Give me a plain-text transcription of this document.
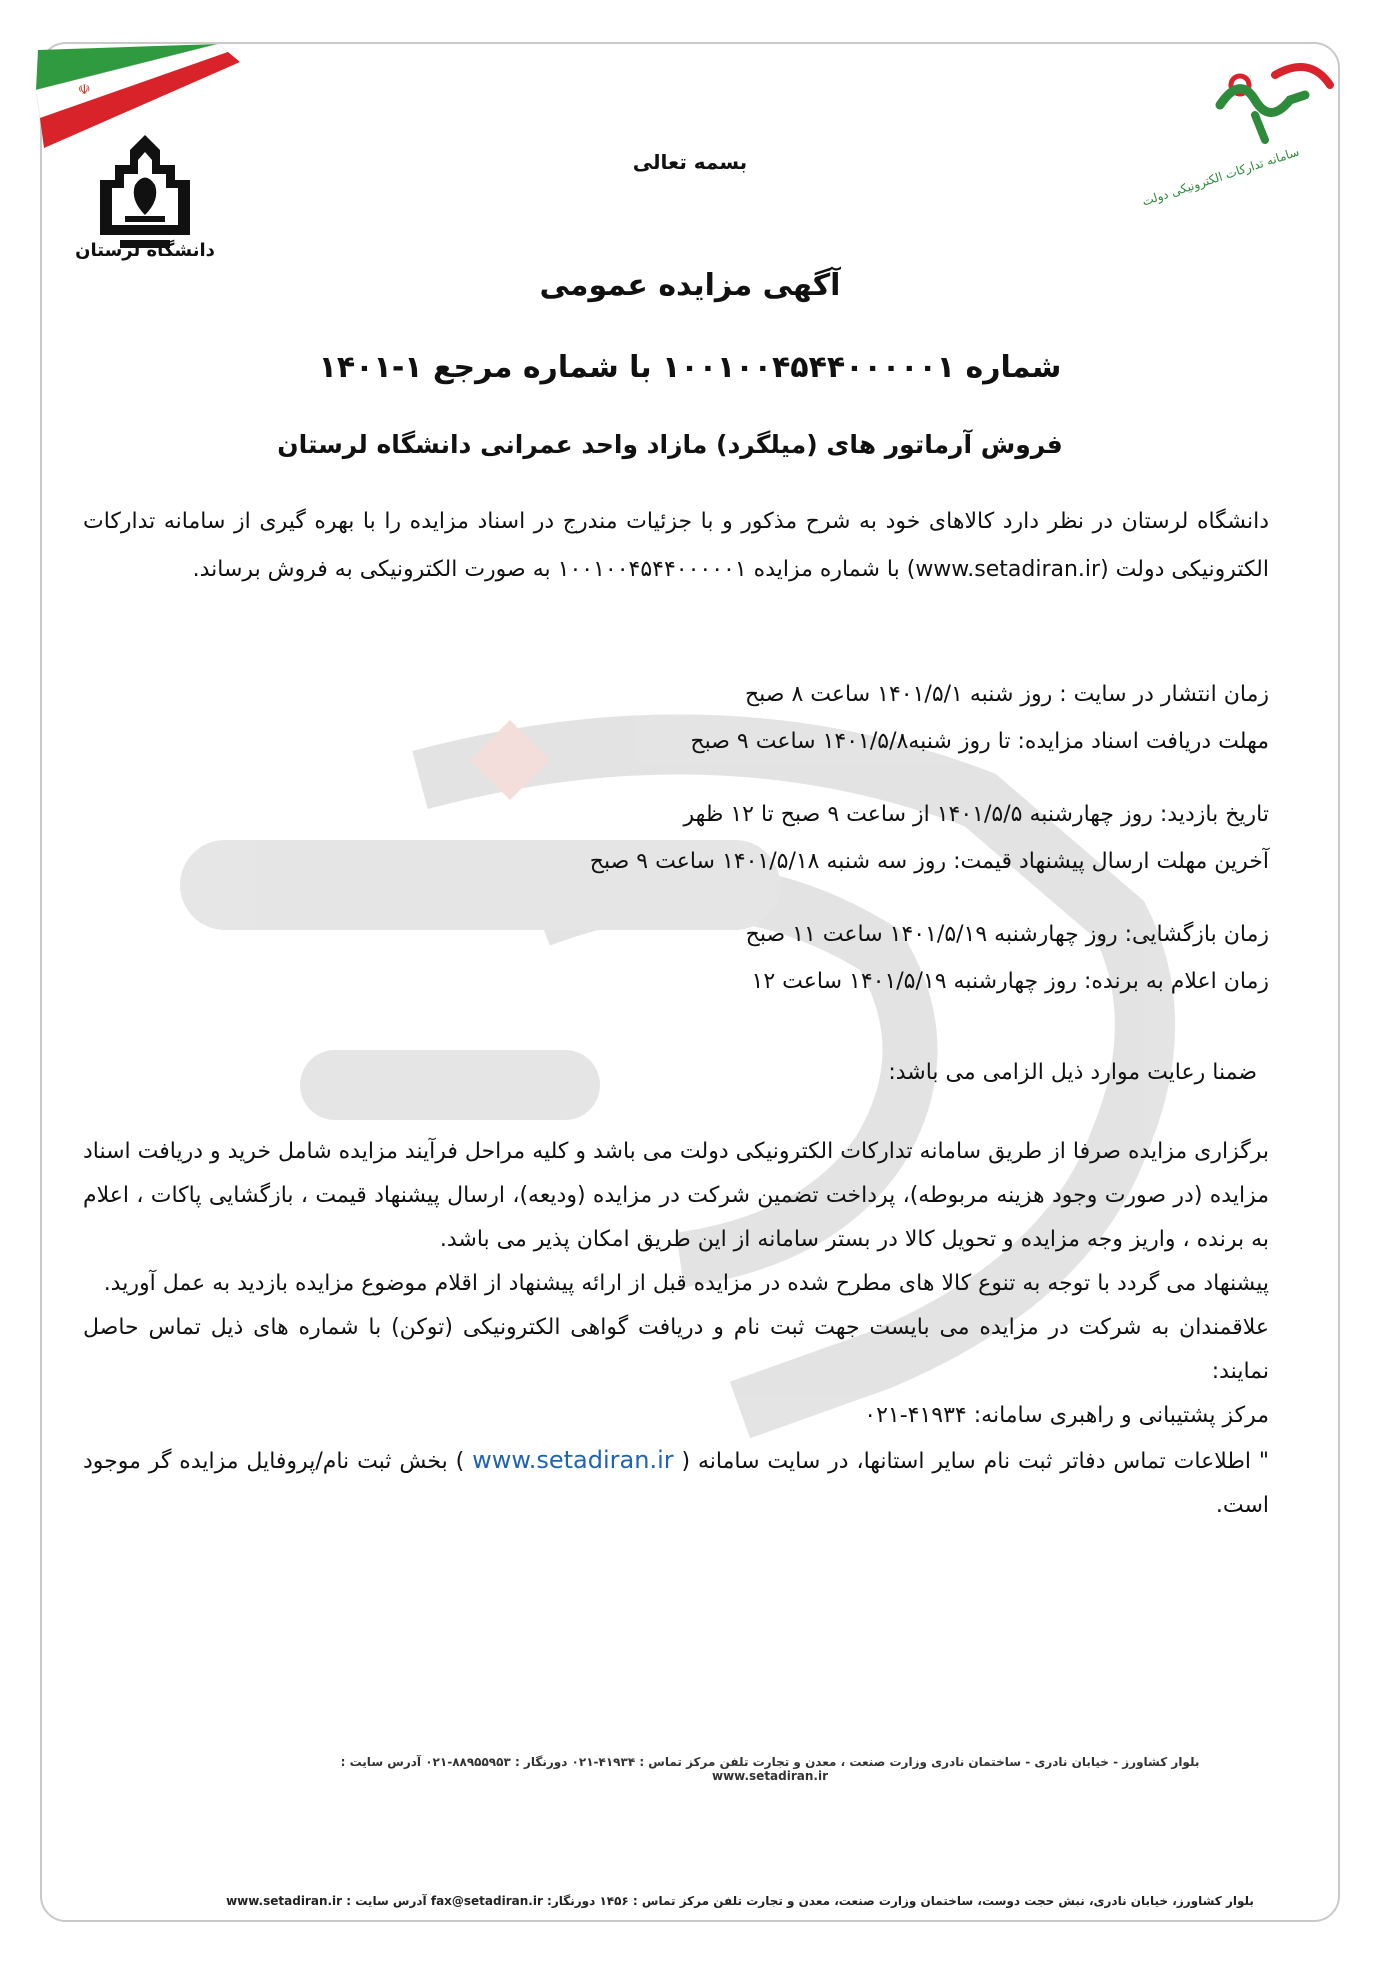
☫
دانشگاه لرستان
سامانه تدارکات الکترونیکی دولت
بسمه تعالی
آگهی مزایده عمومی
شماره ۱۰۰۱۰۰۴۵۴۴۰۰۰۰۰۱ با شماره مرجع ۱-۱۴۰۱
فروش آرماتور های (میلگرد) مازاد واحد عمرانی دانشگاه لرستان
دانشگاه لرستان در نظر دارد کالاهای خود به شرح مذکور و با جزئیات مندرج در اسناد مزایده را با بهره گیری از سامانه تدارکات الکترونیکی دولت (www.setadiran.ir) با شماره مزایده ۱۰۰۱۰۰۴۵۴۴۰۰۰۰۰۱ به صورت الکترونیکی به فروش برساند.
زمان انتشار در سایت : روز شنبه ۱۴۰۱/۵/۱ ساعت ۸ صبح
مهلت دریافت اسناد مزایده: تا روز شنبه۱۴۰۱/۵/۸ ساعت ۹ صبح
تاریخ بازدید: روز چهارشنبه ۱۴۰۱/۵/۵ از ساعت ۹ صبح تا ۱۲ ظهر
آخرین مهلت ارسال پیشنهاد قیمت: روز سه شنبه ۱۴۰۱/۵/۱۸ ساعت ۹ صبح
زمان بازگشایی: روز چهارشنبه ۱۴۰۱/۵/۱۹ ساعت ۱۱ صبح
زمان اعلام به برنده: روز چهارشنبه ۱۴۰۱/۵/۱۹ ساعت ۱۲
ضمنا رعایت موارد ذیل الزامی می باشد:

برگزاری مزایده صرفا از طریق سامانه تدارکات الکترونیکی دولت می باشد و کلیه مراحل فرآیند مزایده شامل خرید و دریافت اسناد مزایده (در صورت وجود هزینه مربوطه)، پرداخت تضمین شرکت در مزایده (ودیعه)، ارسال پیشنهاد قیمت ، بازگشایی پاکات ، اعلام به برنده ، واریز وجه مزایده و تحویل کالا در بستر سامانه از این طریق امکان پذیر می باشد.

پیشنهاد می گردد با توجه به تنوع کالا های مطرح شده در مزایده قبل از ارائه پیشنهاد از اقلام موضوع مزایده بازدید به عمل آورید.

علاقمندان به شرکت در مزایده می بایست جهت ثبت نام و دریافت گواهی الکترونیکی (توکن) با شماره های ذیل تماس حاصل نمایند:

مرکز پشتیبانی و راهبری سامانه: ۴۱۹۳۴-۰۲۱

" اطلاعات تماس دفاتر ثبت نام سایر استانها، در سایت سامانه ( www.setadiran.ir ) بخش ثبت نام/پروفایل مزایده گر موجود است.

بلوار کشاورز - خیابان نادری - ساختمان نادری وزارت صنعت ، معدن و تجارت تلفن مرکز تماس : ۴۱۹۳۴-۰۲۱ دورنگار : ۸۸۹۵۵۹۵۳-۰۲۱ آدرس سایت : www.setadiran.ir
بلوار کشاورز، خیابان نادری، نبش حجت دوست، ساختمان وزارت صنعت، معدن و تجارت تلفن مرکز تماس : ۱۴۵۶ دورنگار: fax@setadiran.ir آدرس سایت : www.setadiran.ir
